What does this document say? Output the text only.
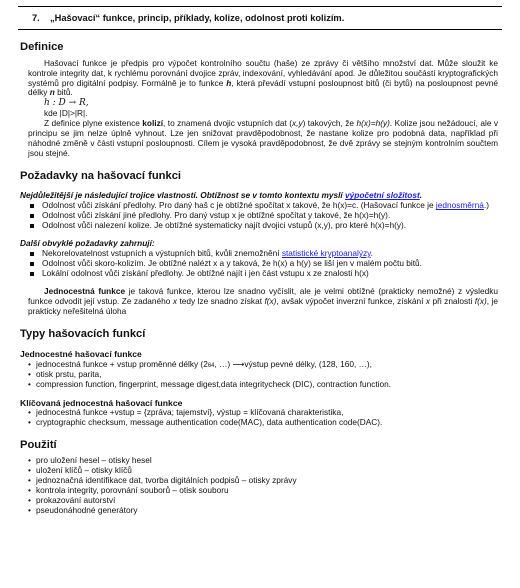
7. „Hašovací“ funkce, princip, příklady, kolize, odolnost proti kolizím.
Definice

Hašovací funkce je předpis pro výpočet kontrolního součtu (haše) ze zprávy či většího množství dat. Může sloužit ke kontrole integrity dat, k rychlému porovnání dvojice zpráv, indexování, vyhledávání apod. Je důležitou součástí kryptografických systémů pro digitální podpisy. Formálně je to funkce h, která převádí vstupní posloupnost bitů (či bytů) na posloupnost pevné délky n bitů.

h : D → R,
kde |D|>|R|.

Z definice plyne existence kolizí, to znamená dvojic vstupních dat (x,y) takových, že h(x)=h(y). Kolize jsou nežádoucí, ale v principu se jim nelze úplně vyhnout. Lze jen snižovat pravděpodobnost, že nastane kolize pro podobná data, například při náhodné změně v části vstupní posloupnosti. Cílem je vysoká pravděpodobnost, že dvě zprávy se stejným kontrolním součtem jsou stejné.

Požadavky na hašovací funkci
Nejdůležitější je následující trojice vlastností. Obtížnost se v tomto kontextu myslí výpočetní složitost.
Odolnost vůči získání předlohy. Pro daný haš c je obtížné spočítat x takové, že h(x)=c. (Hašovací funkce je jednosměrná.)
Odolnost vůči získání jiné předlohy. Pro daný vstup x je obtížné spočítat y takové, že h(x)=h(y).
Odolnost vůči nalezení kolize. Je obtížné systematicky najít dvojici vstupů (x,y), pro které h(x)=h(y).
Další obvyklé požadavky zahrnují:
Nekorelovatelnost vstupních a výstupních bitů, kvůli znemožnění statistické kryptoanalýzy.
Odolnost vůči skoro-kolizím. Je obtížné nalézt x a y taková, že h(x) a h(y) se liší jen v malém počtu bitů.
Lokální odolnost vůči získání předlohy. Je obtížné najít i jen část vstupu x ze znalosti h(x)

Jednocestná funkce je taková funkce, kterou lze snadno vyčíslit, ale je velmi obtížné (prakticky nemožné) z výsledku funkce odvodit její vstup. Ze zadaného x tedy lze snadno získat f(x), avšak výpočet inverzní funkce, získání x při znalosti f(x), je prakticky neřešitelná úloha

Typy hašovacích funkcí
Jednocestné hašovací funkce
• jednocestná funkce + vstup proměnné délky (264, …) ⟶výstup pevné délky, (128, 160, …),
• otisk prstu, parita,
• compression function, fingerprint, message digest,data integritycheck (DIC), contraction function.
Klíčovaná jednocestná hašovací funkce
• jednocestná funkce +vstup = {zpráva; tajemství}, výstup = klíčovaná charakteristika,
• cryptographic checksum, message authentication code(MAC), data authentication code(DAC).
Použití
• pro uložení hesel – otisky hesel
• uložení klíčů – otisky klíčů
• jednoznačná identifikace dat, tvorba digitálních podpisů – otisky zprávy
• kontrola integrity, porovnání souborů – otisk souboru
• prokazování autorství
• pseudonáhodné generátory
